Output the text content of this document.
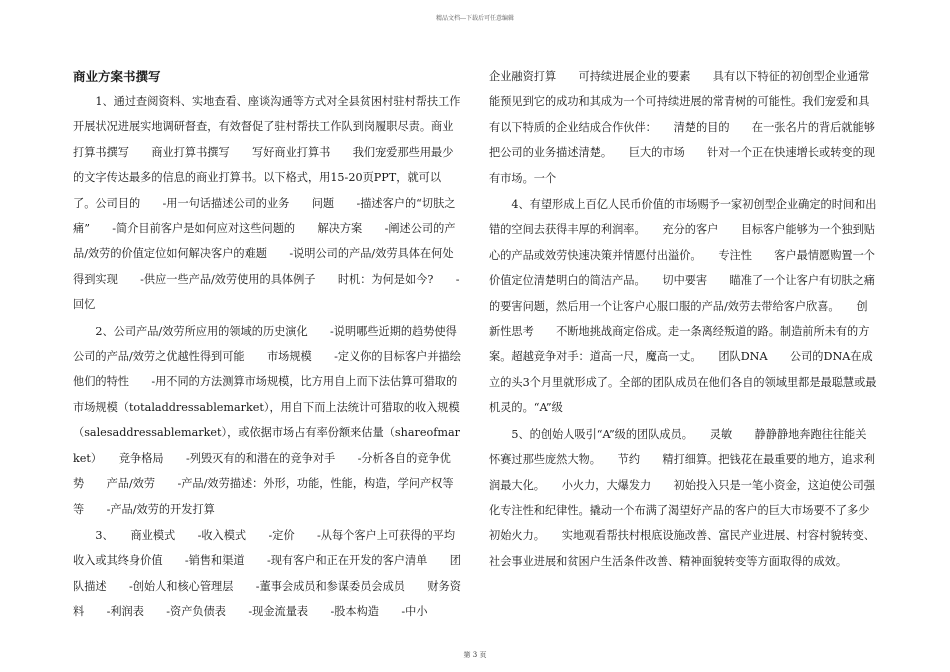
精品文档---下载后可任意编辑
商业方案书撰写

　　1、通过查阅资料、实地查看、座谈沟通等方式对全县贫困村驻村帮扶工作开展状况进展实地调研督查，有效督促了驻村帮扶工作队到岗履职尽责。商业打算书撰写　　商业打算书撰写　　写好商业打算书　　我们宠爱那些用最少的文字传达最多的信息的商业打算书。以下格式，用15-20页PPT，就可以了。公司目的　　-用一句话描述公司的业务　　问题　　-描述客户的“切肤之痛”　　-简介目前客户是如何应对这些问题的　　解决方案　　-阐述公司的产品/效劳的价值定位如何解决客户的难题　　-说明公司的产品/效劳具体在何处得到实现　　-供应一些产品/效劳使用的具体例子　　时机：为何是如今?　　-回忆

　　2、公司产品/效劳所应用的领域的历史演化　　-说明哪些近期的趋势使得公司的产品/效劳之优越性得到可能　　市场规模　　-定义你的目标客户并描绘他们的特性　　-用不同的方法测算市场规模，比方用自上而下法估算可猎取的市场规模（totaladdressablemarket），用自下而上法统计可猎取的收入规模（salesaddressablemarket），或依据市场占有率份额来估量（shareofmarket）　　竞争格局　　-列毁灭有的和潜在的竞争对手　　-分析各自的竞争优势　　产品/效劳　　-产品/效劳描述：外形，功能，性能，构造，学问产权等等　　-产品/效劳的开发打算

　　3、　　商业模式　　-收入模式　　-定价　　-从每个客户上可获得的平均收入或其终身价值　　-销售和渠道　　-现有客户和正在开发的客户清单　　团队描述　　-创始人和核心管理层　　-董事会成员和参谋委员会成员　　财务资料　　-利润表　　-资产负债表　　-现金流量表　　-股本构造　　-中小

企业融资打算　　可持续进展企业的要素　　具有以下特征的初创型企业通常能预见到它的成功和其成为一个可持续进展的常青树的可能性。我们宠爱和具有以下特质的企业结成合作伙伴：　　清楚的目的　　在一张名片的背后就能够把公司的业务描述清楚。　　巨大的市场　　针对一个正在快速增长或转变的现有市场。一个

　　4、有望形成上百亿人民币价值的市场赐予一家初创型企业确定的时间和出错的空间去获得丰厚的利润率。　　充分的客户　　目标客户能够为一个独到贴心的产品或效劳快速决策并情愿付出溢价。　　专注性　　客户最情愿购置一个价值定位清楚明白的简洁产品。　　切中要害　　瞄准了一个让客户有切肤之痛的要害问题，然后用一个让客户心服口服的产品/效劳去带给客户欣喜。　　创新性思考　　不断地挑战商定俗成。走一条离经叛道的路。制造前所未有的方案。超越竞争对手：道高一尺，魔高一丈。　　团队DNA　　公司的DNA在成立的头3个月里就形成了。全部的团队成员在他们各自的领域里都是最聪慧或最机灵的。“A”级

　　5、的创始人吸引“A”级的团队成员。　　灵敏　　静静静地奔跑往往能关怀赛过那些庞然大物。　　节约　　精打细算。把钱花在最重要的地方，追求利润最大化。　　小火力，大爆发力　　初始投入只是一笔小资金，这迫使公司强化专注性和纪律性。撬动一个布满了渴望好产品的客户的巨大市场要不了多少初始火力。　　实地观看帮扶村根底设施改善、富民产业进展、村容村貌转变、社会事业进展和贫困户生活条件改善、精神面貌转变等方面取得的成效。

第 3 页
